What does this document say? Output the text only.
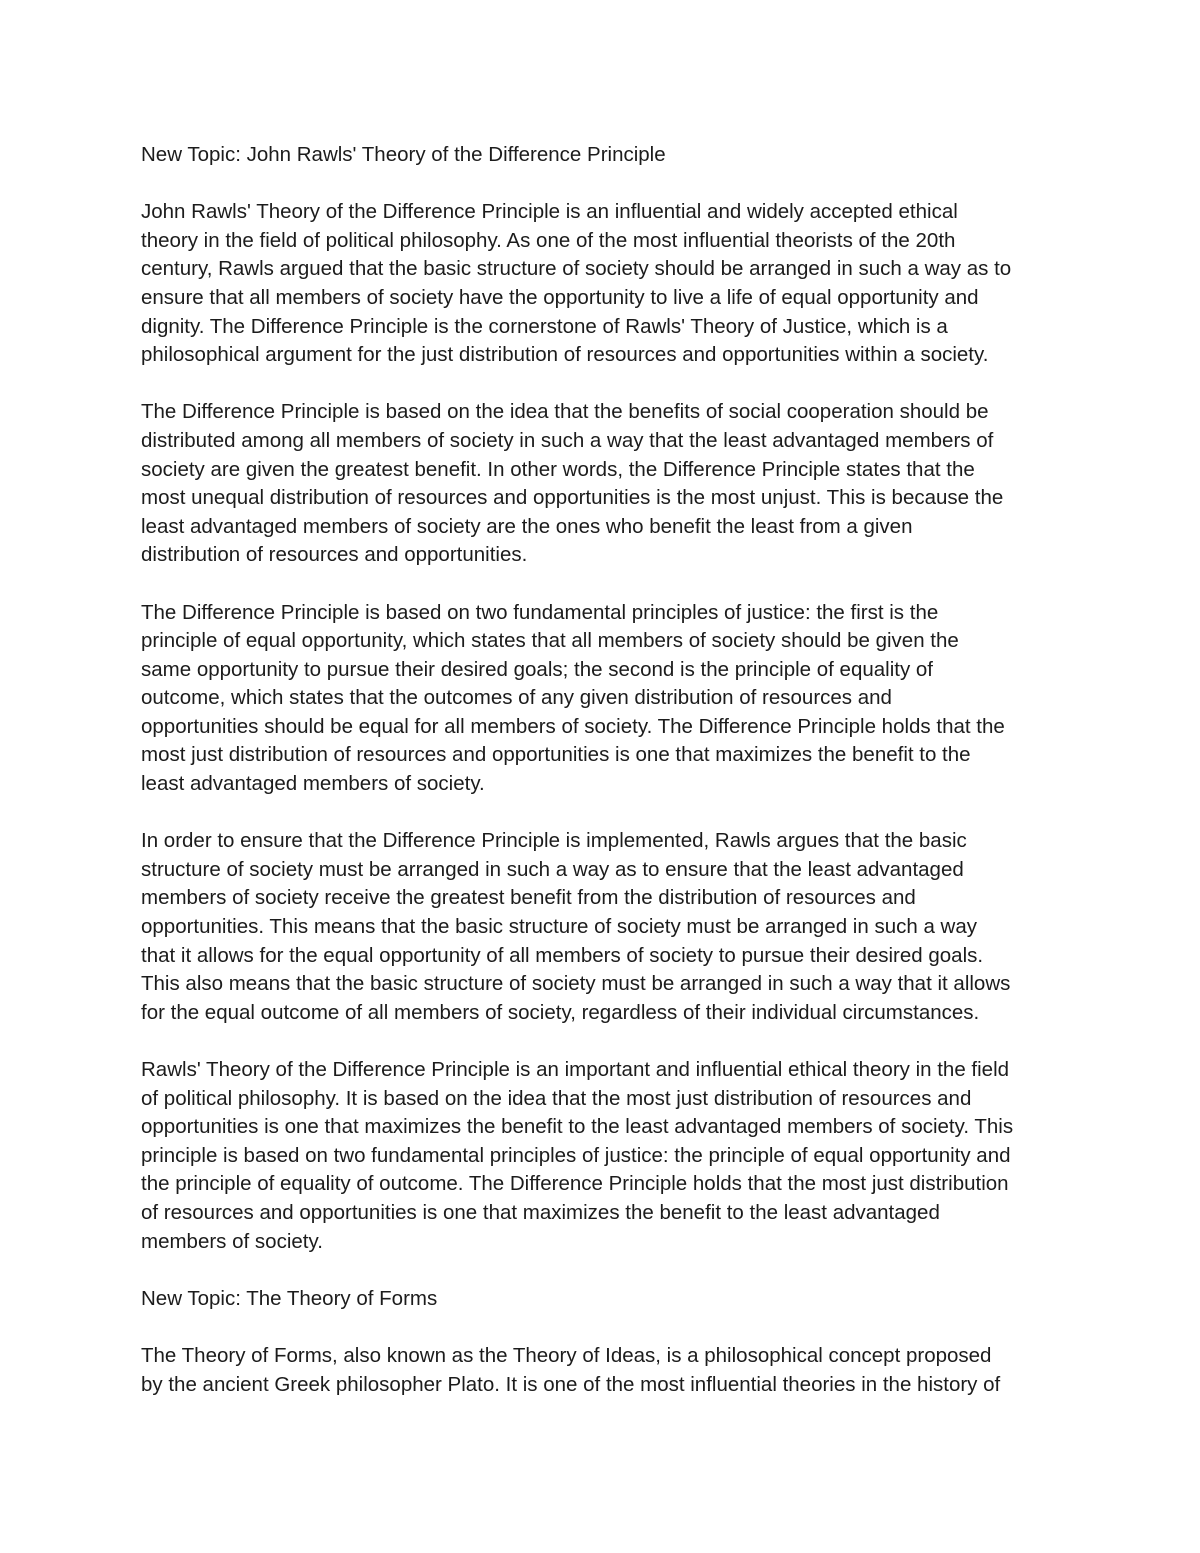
New Topic: John Rawls' Theory of the Difference Principle

John Rawls' Theory of the Difference Principle is an influential and widely accepted ethical
theory in the field of political philosophy. As one of the most influential theorists of the 20th
century, Rawls argued that the basic structure of society should be arranged in such a way as to
ensure that all members of society have the opportunity to live a life of equal opportunity and
dignity. The Difference Principle is the cornerstone of Rawls' Theory of Justice, which is a
philosophical argument for the just distribution of resources and opportunities within a society.

The Difference Principle is based on the idea that the benefits of social cooperation should be
distributed among all members of society in such a way that the least advantaged members of
society are given the greatest benefit. In other words, the Difference Principle states that the
most unequal distribution of resources and opportunities is the most unjust. This is because the
least advantaged members of society are the ones who benefit the least from a given
distribution of resources and opportunities.

The Difference Principle is based on two fundamental principles of justice: the first is the
principle of equal opportunity, which states that all members of society should be given the
same opportunity to pursue their desired goals; the second is the principle of equality of
outcome, which states that the outcomes of any given distribution of resources and
opportunities should be equal for all members of society. The Difference Principle holds that the
most just distribution of resources and opportunities is one that maximizes the benefit to the
least advantaged members of society.

In order to ensure that the Difference Principle is implemented, Rawls argues that the basic
structure of society must be arranged in such a way as to ensure that the least advantaged
members of society receive the greatest benefit from the distribution of resources and
opportunities. This means that the basic structure of society must be arranged in such a way
that it allows for the equal opportunity of all members of society to pursue their desired goals.
This also means that the basic structure of society must be arranged in such a way that it allows
for the equal outcome of all members of society, regardless of their individual circumstances.

Rawls' Theory of the Difference Principle is an important and influential ethical theory in the field
of political philosophy. It is based on the idea that the most just distribution of resources and
opportunities is one that maximizes the benefit to the least advantaged members of society. This
principle is based on two fundamental principles of justice: the principle of equal opportunity and
the principle of equality of outcome. The Difference Principle holds that the most just distribution
of resources and opportunities is one that maximizes the benefit to the least advantaged
members of society.

New Topic: The Theory of Forms

The Theory of Forms, also known as the Theory of Ideas, is a philosophical concept proposed
by the ancient Greek philosopher Plato. It is one of the most influential theories in the history of
